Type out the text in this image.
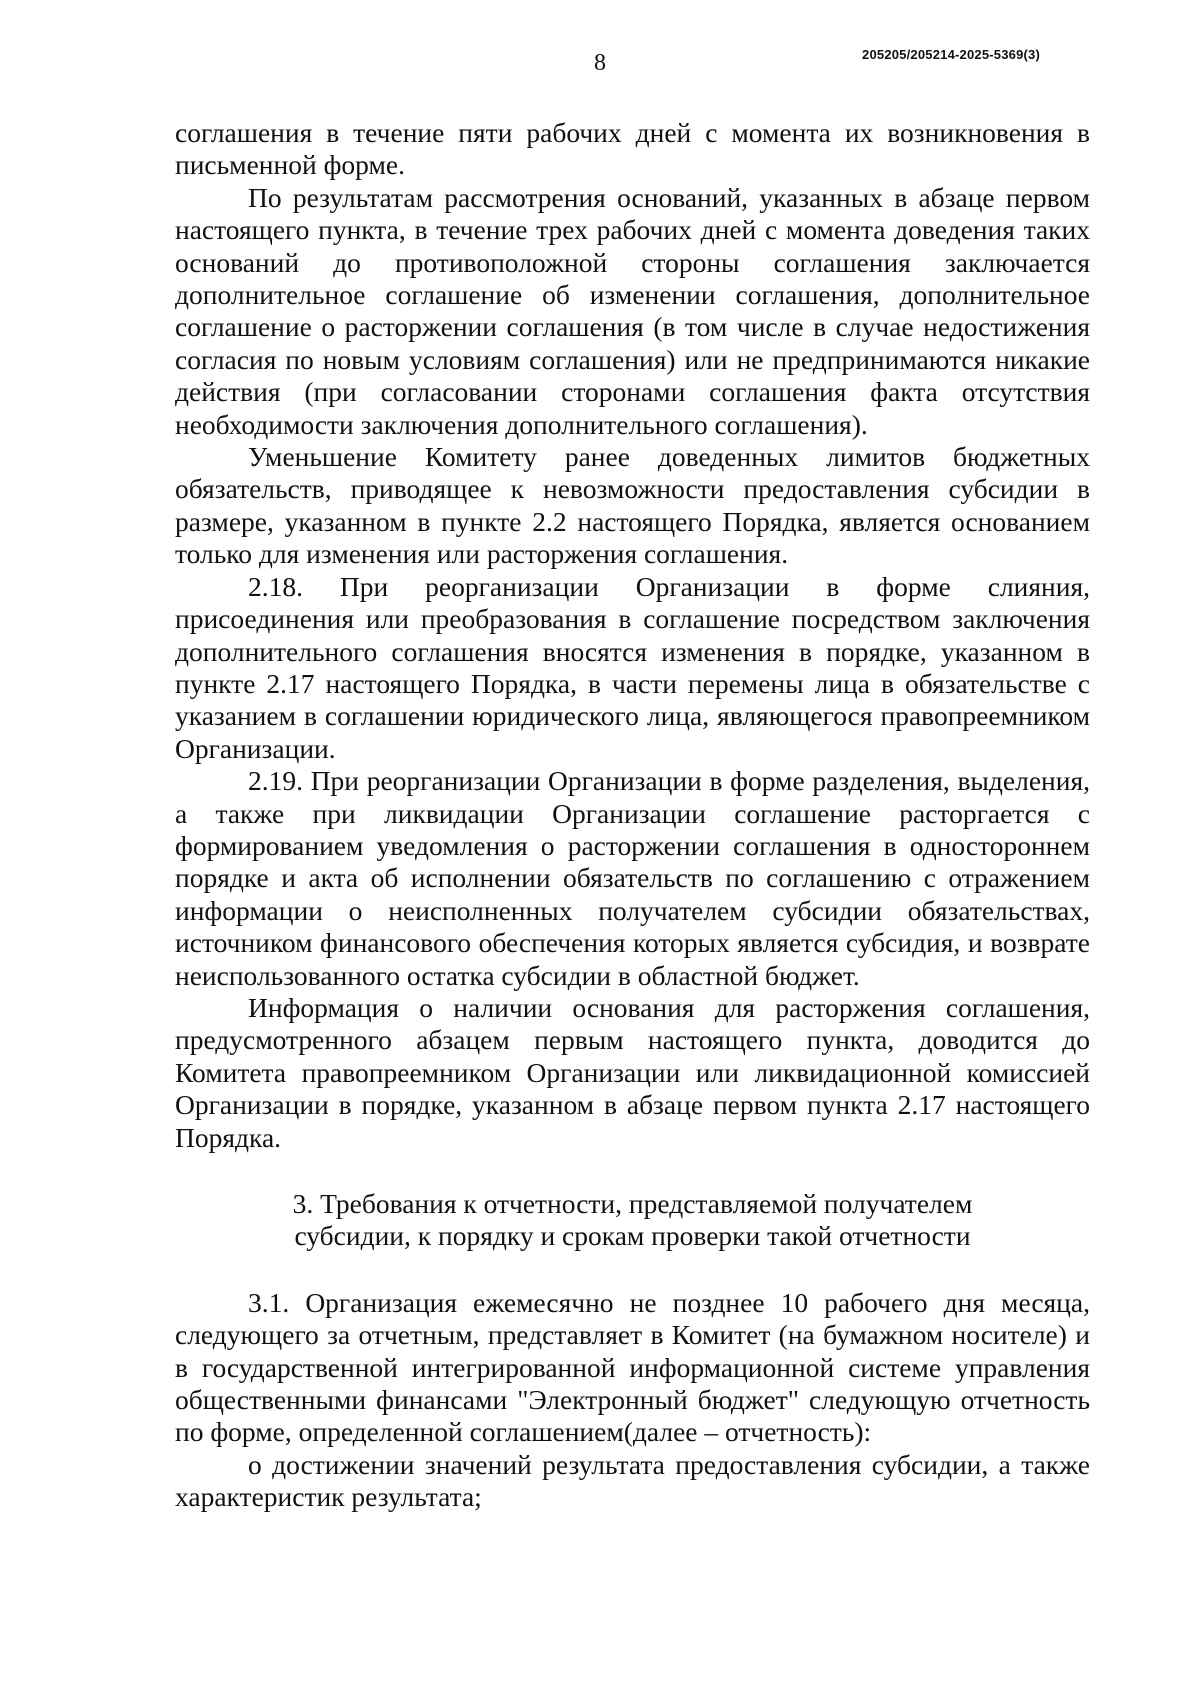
8	205205/205214-2025-5369(3)

соглашения в течение пяти рабочих дней с момента их возникновения в письменной форме.

По результатам рассмотрения оснований, указанных в абзаце первом настоящего пункта, в течение трех рабочих дней с момента доведения таких оснований до противоположной стороны соглашения заключается дополнительное соглашение об изменении соглашения, дополнительное соглашение о расторжении соглашения (в том числе в случае недостижения согласия по новым условиям соглашения) или не предпринимаются никакие действия (при согласовании сторонами соглашения факта отсутствия необходимости заключения дополнительного соглашения).

Уменьшение Комитету ранее доведенных лимитов бюджетных обязательств, приводящее к невозможности предоставления субсидии в размере, указанном в пункте 2.2 настоящего Порядка, является основанием только для изменения или расторжения соглашения.

2.18. При реорганизации Организации в форме слияния, присоединения или преобразования в соглашение посредством заключения дополнительного соглашения вносятся изменения в порядке, указанном в пункте 2.17 настоящего Порядка, в части перемены лица в обязательстве с указанием в соглашении юридического лица, являющегося правопреемником Организации.

2.19. При реорганизации Организации в форме разделения, выделения, а также при ликвидации Организации соглашение расторгается с формированием уведомления о расторжении соглашения в одностороннем порядке и акта об исполнении обязательств по соглашению с отражением информации о неисполненных получателем субсидии обязательствах, источником финансового обеспечения которых является субсидия, и возврате неиспользованного остатка субсидии в областной бюджет.

Информация о наличии основания для расторжения соглашения, предусмотренного абзацем первым настоящего пункта, доводится до Комитета правопреемником Организации или ликвидационной комиссией Организации в порядке, указанном в абзаце первом пункта 2.17 настоящего Порядка.

3. Требования к отчетности, представляемой получателем
субсидии, к порядку и срокам проверки такой отчетности

3.1. Организация ежемесячно не позднее 10 рабочего дня месяца, следующего за отчетным, представляет в Комитет (на бумажном носителе) и в государственной интегрированной информационной системе управления общественными финансами "Электронный бюджет" следующую отчетность по форме, определенной соглашением(далее – отчетность):

о достижении значений результата предоставления субсидии, а также характеристик результата;
